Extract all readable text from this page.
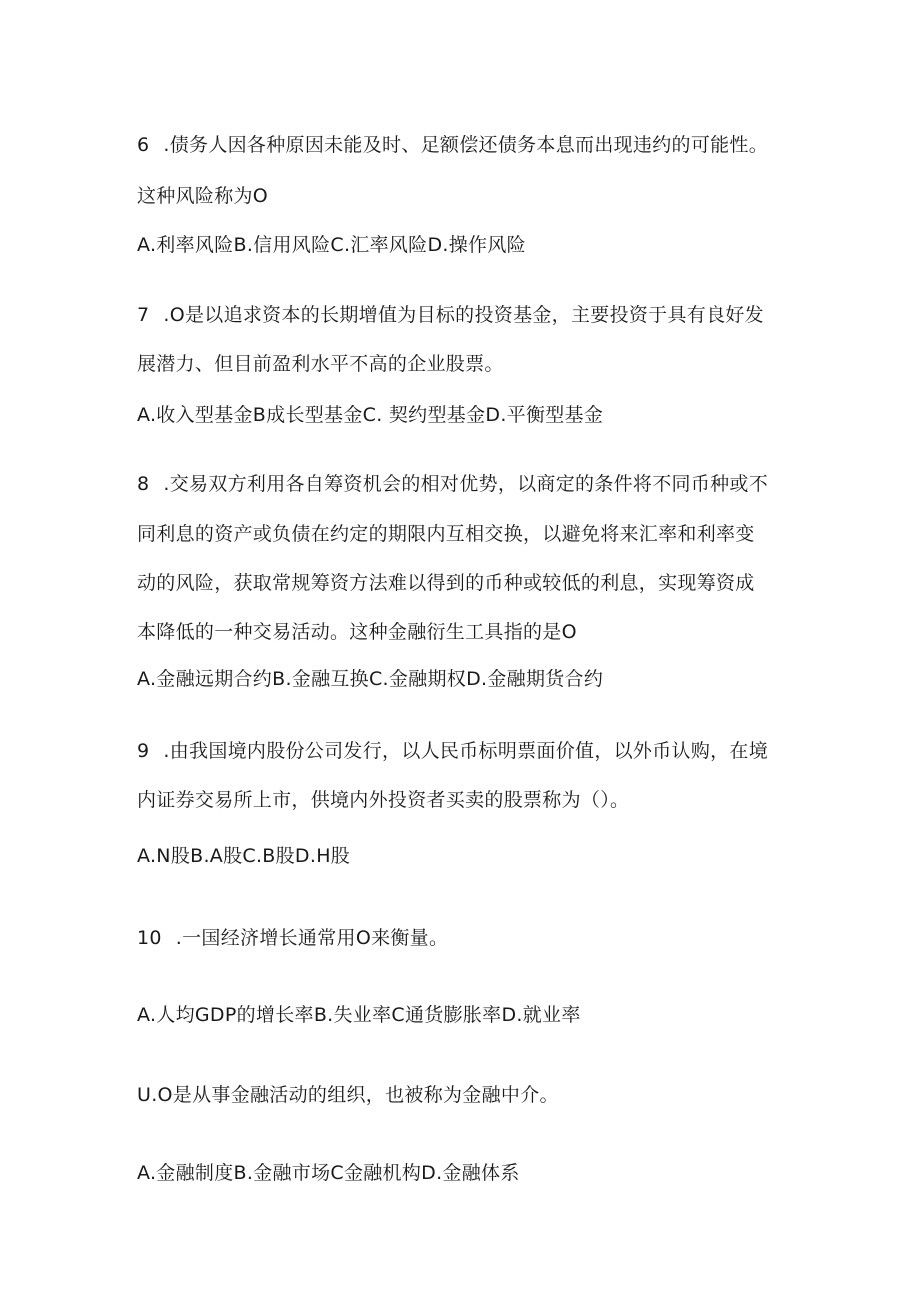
6 .债务人因各种原因未能及时、足额偿还债务本息而出现违约的可能性。
这种风险称为O
A.利率风险B.信用风险C.汇率风险D.操作风险
7 .O是以追求资本的长期增值为目标的投资基金，主要投资于具有良好发
展潜力、但目前盈利水平不高的企业股票。
A.收入型基金B成长型基金C. 契约型基金D.平衡型基金
8 .交易双方利用各自筹资机会的相对优势，以商定的条件将不同币种或不
同利息的资产或负债在约定的期限内互相交换，以避免将来汇率和利率变
动的风险，获取常规筹资方法难以得到的币种或较低的利息，实现筹资成
本降低的一种交易活动。这种金融衍生工具指的是O
A.金融远期合约B.金融互换C.金融期权D.金融期货合约
9 .由我国境内股份公司发行，以人民币标明票面价值，以外币认购，在境
内证券交易所上市，供境内外投资者买卖的股票称为（）。
A.N股B.A股C.B股D.H股
10 .一国经济增长通常用O来衡量。
A.人均GDP的增长率B.失业率C通货膨胀率D.就业率
U.O是从事金融活动的组织，也被称为金融中介。
A.金融制度B.金融市场C金融机构D.金融体系
